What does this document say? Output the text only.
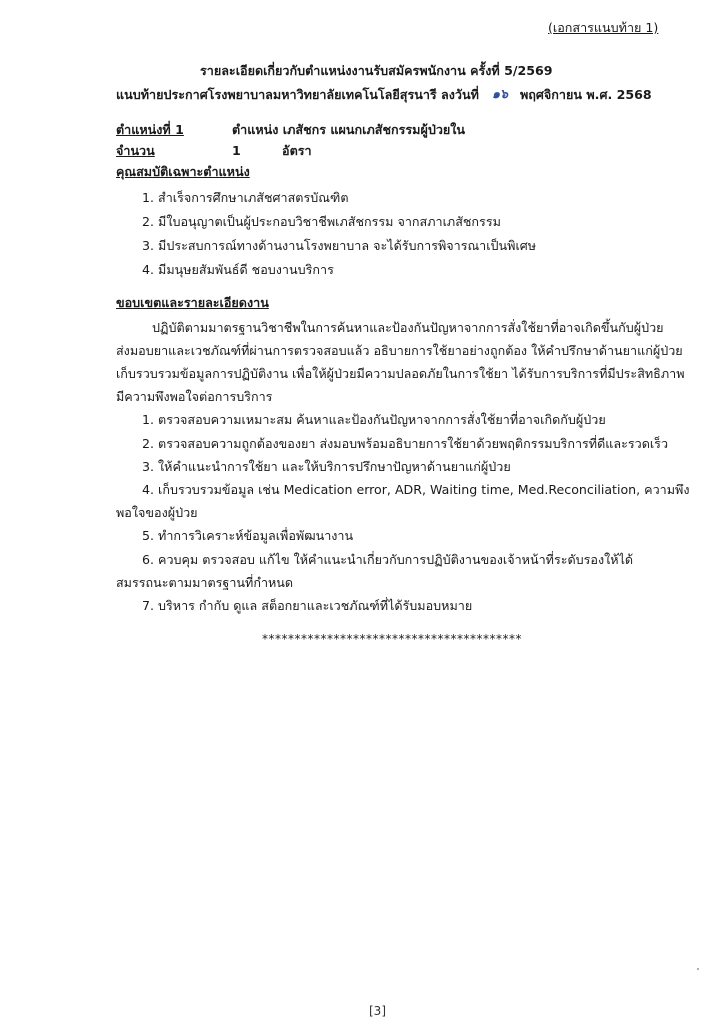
(เอกสารแนบท้าย 1)
รายละเอียดเกี่ยวกับตำแหน่งงานรับสมัครพนักงาน ครั้งที่ 5/2569
แนบท้ายประกาศโรงพยาบาลมหาวิทยาลัยเทคโนโลยีสุรนารี ลงวันที่ ๑๖ พฤศจิกายน พ.ศ. 2568
ตำแหน่งที่ 1	ตำแหน่ง เภสัชกร แผนกเภสัชกรรมผู้ป่วยใน
จำนวน	1	อัตรา
คุณสมบัติเฉพาะตำแหน่ง
1. สำเร็จการศึกษาเภสัชศาสตรบัณฑิต
2. มีใบอนุญาตเป็นผู้ประกอบวิชาชีพเภสัชกรรม จากสภาเภสัชกรรม
3. มีประสบการณ์ทางด้านงานโรงพยาบาล จะได้รับการพิจารณาเป็นพิเศษ
4. มีมนุษยสัมพันธ์ดี ชอบงานบริการ
ขอบเขตและรายละเอียดงาน
ปฏิบัติตามมาตรฐานวิชาชีพในการค้นหาและป้องกันปัญหาจากการสั่งใช้ยาที่อาจเกิดขึ้นกับผู้ป่วย
ส่งมอบยาและเวชภัณฑ์ที่ผ่านการตรวจสอบแล้ว อธิบายการใช้ยาอย่างถูกต้อง ให้คำปรึกษาด้านยาแก่ผู้ป่วย
เก็บรวบรวมข้อมูลการปฏิบัติงาน เพื่อให้ผู้ป่วยมีความปลอดภัยในการใช้ยา ได้รับการบริการที่มีประสิทธิภาพ
มีความพึงพอใจต่อการบริการ
1. ตรวจสอบความเหมาะสม ค้นหาและป้องกันปัญหาจากการสั่งใช้ยาที่อาจเกิดกับผู้ป่วย
2. ตรวจสอบความถูกต้องของยา ส่งมอบพร้อมอธิบายการใช้ยาด้วยพฤติกรรมบริการที่ดีและรวดเร็ว
3. ให้คำแนะนำการใช้ยา และให้บริการปรึกษาปัญหาด้านยาแก่ผู้ป่วย
4. เก็บรวบรวมข้อมูล เช่น Medication error, ADR, Waiting time, Med.Reconciliation, ความพึง
พอใจของผู้ป่วย
5. ทำการวิเคราะห์ข้อมูลเพื่อพัฒนางาน
6. ควบคุม ตรวจสอบ แก้ไข ให้คำแนะนำเกี่ยวกับการปฏิบัติงานของเจ้าหน้าที่ระดับรองให้ได้
สมรรถนะตามมาตรฐานที่กำหนด
7. บริหาร กำกับ ดูแล สต็อกยาและเวชภัณฑ์ที่ได้รับมอบหมาย
****************************************
[3]
